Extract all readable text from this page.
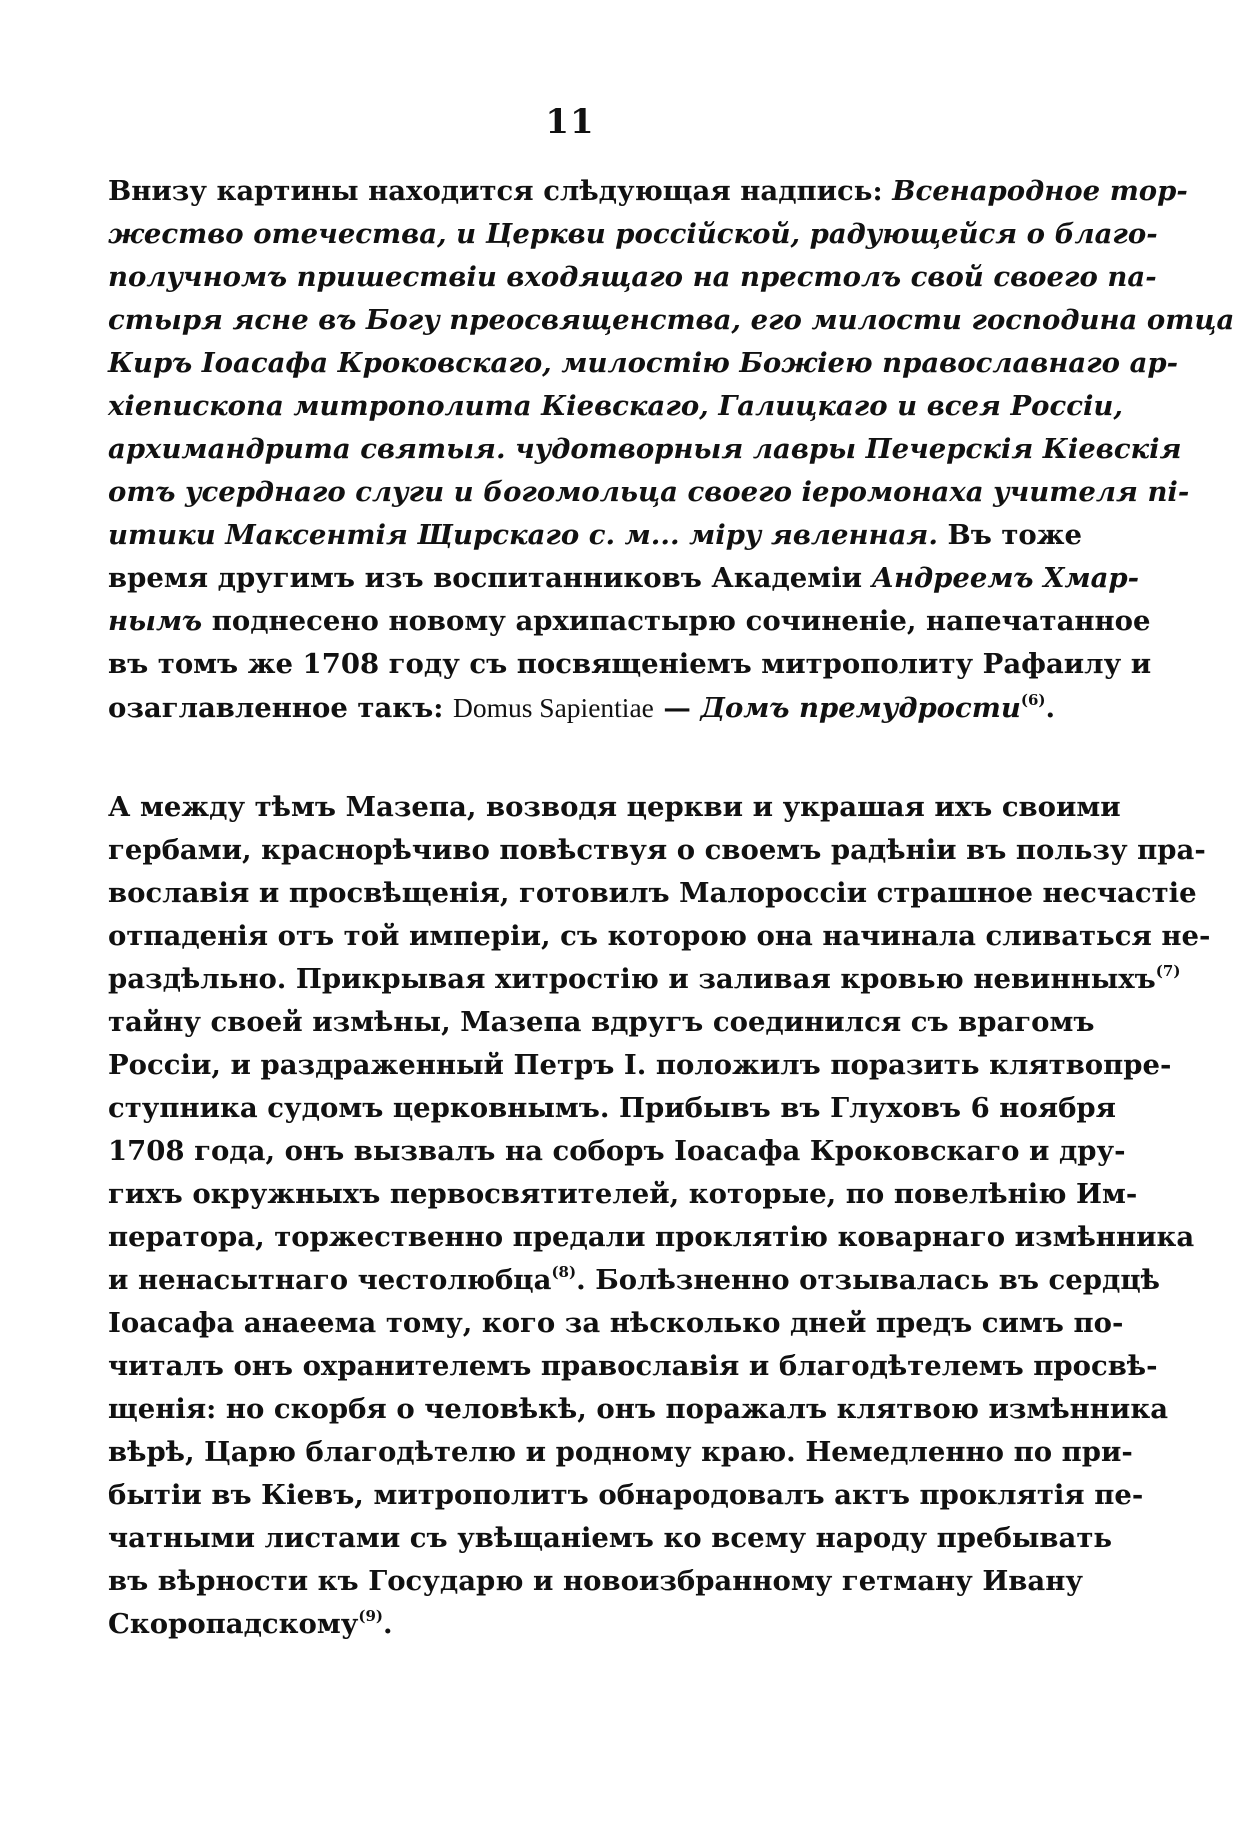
11
Внизу картины находится слѣдующая надпись: Всенародное тор-
жество отечества, и Церкви россійской, радующейся о благо-
получномъ пришествіи входящаго на престолъ свой своего па-
стыря ясне въ Богу преосвященства, его милости господина отца
Киръ Іоасафа Кроковскаго, милостію Божіею православнаго ар-
хіепископа митрополита Кіевскаго, Галицкаго и всея Россіи,
архимандрита святыя. чудотворныя лавры Печерскія Кіевскія
отъ усерднаго слуги и богомольца своего іеромонаха учителя пі-
итики Максентія Щирскаго с. м... міру явленная. Въ тоже
время другимъ изъ воспитанниковъ Академіи Андреемъ Хмар-
нымъ поднесено новому архипастырю сочиненіе, напечатанное
въ томъ же 1708 году съ посвященіемъ митрополиту Рафаилу и
озаглавленное такъ: Domus Sapientiae — Домъ премудрости$^{(6)}$.
А между тѣмъ Мазепа, возводя церкви и украшая ихъ своими
гербами, краснорѣчиво повѣствуя о своемъ радѣніи въ пользу пра-
вославія и просвѣщенія, готовилъ Малороссіи страшное несчастіе
отпаденія отъ той имперіи, съ которою она начинала сливаться не-
раздѣльно. Прикрывая хитростію и заливая кровью невинныхъ$^{(7)}$
тайну своей измѣны, Мазепа вдругъ соединился съ врагомъ
Россіи, и раздраженный Петръ I. положилъ поразить клятвопре-
ступника судомъ церковнымъ. Прибывъ въ Глуховъ 6 ноября
1708 года, онъ вызвалъ на соборъ Іоасафа Кроковскаго и дру-
гихъ окружныхъ первосвятителей, которые, по повелѣнію Им-
ператора, торжественно предали проклятію коварнаго измѣнника
и ненасытнаго честолюбца$^{(8)}$. Болѣзненно отзывалась въ сердцѣ
Іоасафа анаеема тому, кого за нѣсколько дней предъ симъ по-
читалъ онъ охранителемъ православія и благодѣтелемъ просвѣ-
щенія: но скорбя о человѣкѣ, онъ поражалъ клятвою измѣнника
вѣрѣ, Царю благодѣтелю и родному краю. Немедленно по при-
бытіи въ Кіевъ, митрополитъ обнародовалъ актъ проклятія пе-
чатными листами съ увѣщаніемъ ко всему народу пребывать
въ вѣрности къ Государю и новоизбранному гетману Ивану
Скоропадскому$^{(9)}$.
